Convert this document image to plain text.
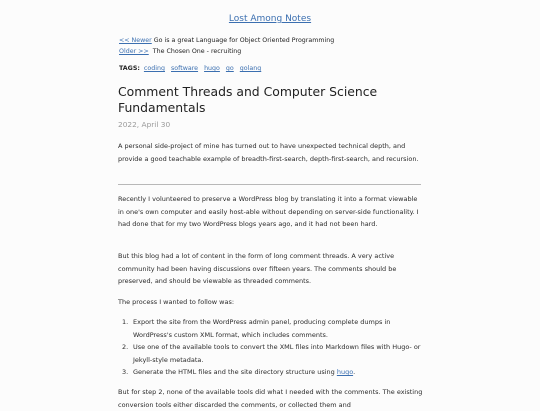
Lost Among Notes
<< Newer Go is a great Language for Object Oriented Programming
Older >> The Chosen One - recruiting
TAGS: coding software hugo go golang
Comment Threads and Computer Science Fundamentals
2022, April 30

A personal side-project of mine has turned out to have unexpected technical depth, and provide a good teachable example of breadth-first-search, depth-first-search, and recursion.

Recently I volunteered to preserve a WordPress blog by translating it into a format viewable in one's own computer and easily host-able without depending on server-side functionality. I had done that for my two WordPress blogs years ago, and it had not been hard.

But this blog had a lot of content in the form of long comment threads. A very active community had been having discussions over fifteen years. The comments should be preserved, and should be viewable as threaded comments.

The process I wanted to follow was:

1. Export the site from the WordPress admin panel, producing complete dumps in WordPress's custom XML format, which includes comments.
2. Use one of the available tools to convert the XML files into Markdown files with Hugo- or Jekyll-style metadata.
3. Generate the HTML files and the site directory structure using hugo.

But for step 2, none of the available tools did what I needed with the comments. The existing conversion tools either discarded the comments, or collected them and
